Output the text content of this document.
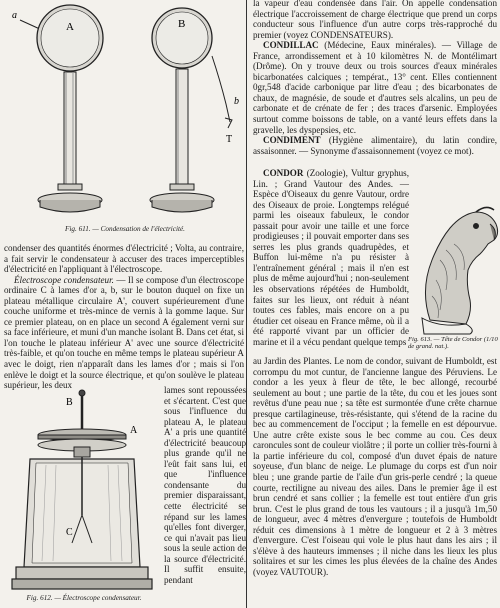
a
A	B
b
T
Fig. 611. — Condensation de l'électricité.

condenser des quantités énormes d'électricité ; Volta, au contraire, a fait servir le condensateur à accuser des traces imperceptibles d'électricité en l'appliquant à l'électroscope.

Électroscope condensateur. — Il se compose d'un électroscope ordinaire C à lames d'or a, b, sur le bouton duquel on fixe un plateau métallique circulaire A', couvert supérieurement d'une couche uniforme et très-mince de vernis à la gomme laque. Sur ce premier plateau, on en place un second A également verni sur sa face inférieure, et muni d'un manche isolant B. Dans cet état, si l'on touche le plateau inférieur A' avec une source d'électricité très-faible, et qu'on touche en même temps le plateau supérieur A avec le doigt, rien n'apparaît dans les lames d'or ; mais si l'on enlève le doigt et la source électrique, et qu'on soulève le plateau supérieur, les deux

B
A
C
Fig. 612. — Électroscope condensateur.

lames sont repoussées et s'écartent. C'est que sous l'influence du plateau A, le plateau A' a pris une quantité d'électricité beaucoup plus grande qu'il ne l'eût fait sans lui, et que l'influence condensante du premier disparaissant, cette électricité se répand sur les lames qu'elles font diverger, ce qui n'avait pas lieu sous la seule action de la source d'électricité. Il suffit ensuite, pendant

la vapeur d'eau condensée dans l'air. On appelle condensation électrique l'accroissement de charge électrique que prend un corps conducteur sous l'influence d'un autre corps très-rapproché du premier (voyez CONDENSATEURS).

CONDILLAC (Médecine, Eaux minérales). — Village de France, arrondissement et à 10 kilomètres N. de Montélimart (Drôme). On y trouve deux ou trois sources d'eaux minérales bicarbonatées calciques ; températ., 13° cent. Elles contiennent 0gr,548 d'acide carbonique par litre d'eau ; des bicarbonates de chaux, de magnésie, de soude et d'autres sels alcalins, un peu de carbonate et de crénate de fer ; des traces d'arsenic. Employées surtout comme boissons de table, on a vanté leurs effets dans la gravelle, les dyspepsies, etc.

CONDIMENT (Hygiène alimentaire), du latin condire, assaisonner. — Synonyme d'assaisonnement (voyez ce mot).

CONDOR (Zoologie), Vultur gryphus, Lin. ; Grand Vautour des Andes. — Espèce d'Oiseaux du genre Vautour, ordre des Oiseaux de proie. Longtemps relégué parmi les oiseaux fabuleux, le condor passait pour avoir une taille et une force prodigieuses ; il pouvait emporter dans ses serres les plus grands quadrupèdes, et Buffon lui-même n'a pu résister à l'entraînement général ; mais il n'en est plus de même aujourd'hui ; non-seulement les observations répétées de Humboldt, faites sur les lieux, ont réduit à néant toutes ces fables, mais encore on a pu étudier cet oiseau en France même, où il a été rapporté vivant par un officier de marine et il a vécu pendant quelque temps Fig. 613. — Tête de Condor (1/10 de grand. nat.).

au Jardin des Plantes. Le nom de condor, suivant de Humboldt, est corrompu du mot cuntur, de l'ancienne langue des Péruviens. Le condor a les yeux à fleur de tête, le bec allongé, recourbé seulement au bout ; une partie de la tête, du cou et les joues sont revêtus d'une peau nue ; sa tête est surmontée d'une crête charnue presque cartilagineuse, très-résistante, qui s'étend de la racine du bec au commencement de l'occiput ; la femelle en est dépourvue. Une autre crête existe sous le bec comme au cou. Ces deux caroncules sont de couleur violâtre ; il porte un collier très-fourni à la partie inférieure du col, composé d'un duvet épais de nature soyeuse, d'un blanc de neige. Le plumage du corps est d'un noir bleu ; une grande partie de l'aile d'un gris-perle cendré ; la queue courte, rectiligne au niveau des ailes. Dans le premier âge il est brun cendré et sans collier ; la femelle est tout entière d'un gris brun. C'est le plus grand de tous les vautours ; il a jusqu'à 1m,50 de longueur, avec 4 mètres d'envergure ; toutefois de Humboldt réduit ces dimensions à 1 mètre de longueur et 2 à 3 mètres d'envergure. C'est l'oiseau qui vole le plus haut dans les airs ; il s'élève à des hauteurs immenses ; il niche dans les lieux les plus solitaires et sur les cimes les plus élevées de la chaîne des Andes (voyez VAUTOUR).
